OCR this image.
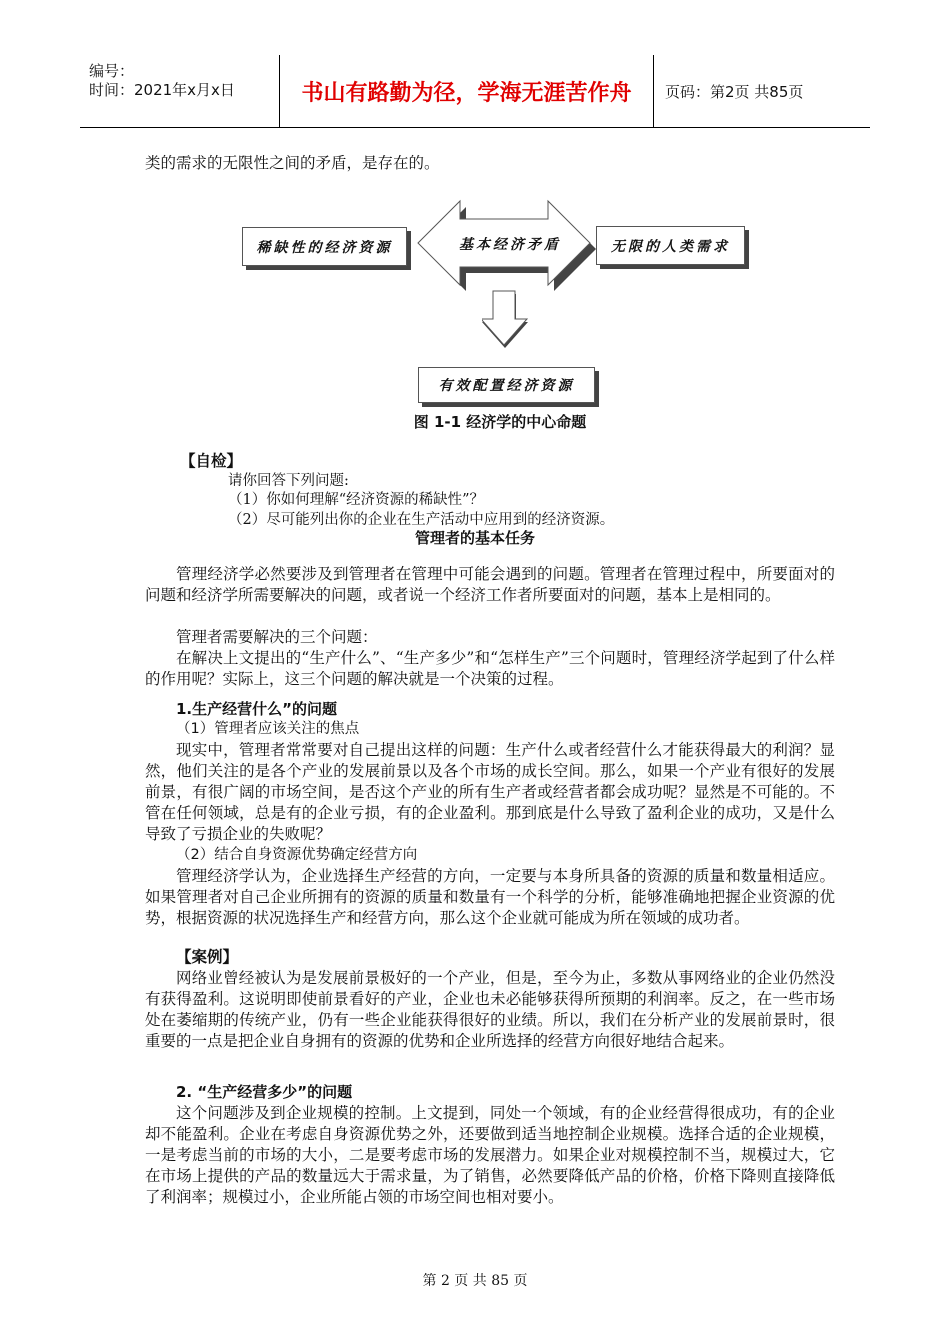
编号：
时间：2021年x月x日	书山有路勤为径，学海无涯苦作舟	页码：第2页 共85页
类的需求的无限性之间的矛盾，是存在的。
稀缺性的经济资源	基本经济矛盾	无限的人类需求
有效配置经济资源
图 1-1 经济学的中心命题
【自检】
请你回答下列问题:
（1）你如何理解“经济资源的稀缺性”？
（2）尽可能列出你的企业在生产活动中应用到的经济资源。
管理者的基本任务
管理经济学必然要涉及到管理者在管理中可能会遇到的问题。管理者在管理过程中，所要面对的问题和经济学所需要解决的问题，或者说一个经济工作者所要面对的问题，基本上是相同的。
管理者需要解决的三个问题：
在解决上文提出的“生产什么”、“生产多少”和“怎样生产”三个问题时，管理经济学起到了什么样的作用呢？实际上，这三个问题的解决就是一个决策的过程。
1.生产经营什么”的问题
（1）管理者应该关注的焦点
现实中，管理者常常要对自己提出这样的问题：生产什么或者经营什么才能获得最大的利润？显然，他们关注的是各个产业的发展前景以及各个市场的成长空间。那么，如果一个产业有很好的发展前景，有很广阔的市场空间，是否这个产业的所有生产者或经营者都会成功呢？显然是不可能的。不管在任何领域，总是有的企业亏损，有的企业盈利。那到底是什么导致了盈利企业的成功，又是什么导致了亏损企业的失败呢？
（2）结合自身资源优势确定经营方向
管理经济学认为，企业选择生产经营的方向，一定要与本身所具备的资源的质量和数量相适应。如果管理者对自己企业所拥有的资源的质量和数量有一个科学的分析，能够准确地把握企业资源的优势，根据资源的状况选择生产和经营方向，那么这个企业就可能成为所在领域的成功者。
【案例】
网络业曾经被认为是发展前景极好的一个产业，但是，至今为止，多数从事网络业的企业仍然没有获得盈利。这说明即使前景看好的产业，企业也未必能够获得所预期的利润率。反之，在一些市场处在萎缩期的传统产业，仍有一些企业能获得很好的业绩。所以，我们在分析产业的发展前景时，很重要的一点是把企业自身拥有的资源的优势和企业所选择的经营方向很好地结合起来。
2. “生产经营多少”的问题
这个问题涉及到企业规模的控制。上文提到，同处一个领域，有的企业经营得很成功，有的企业却不能盈利。企业在考虑自身资源优势之外，还要做到适当地控制企业规模。选择合适的企业规模，一是考虑当前的市场的大小，二是要考虑市场的发展潜力。如果企业对规模控制不当，规模过大，它在市场上提供的产品的数量远大于需求量，为了销售，必然要降低产品的价格，价格下降则直接降低了利润率；规模过小，企业所能占领的市场空间也相对要小。
第 2 页 共 85 页
